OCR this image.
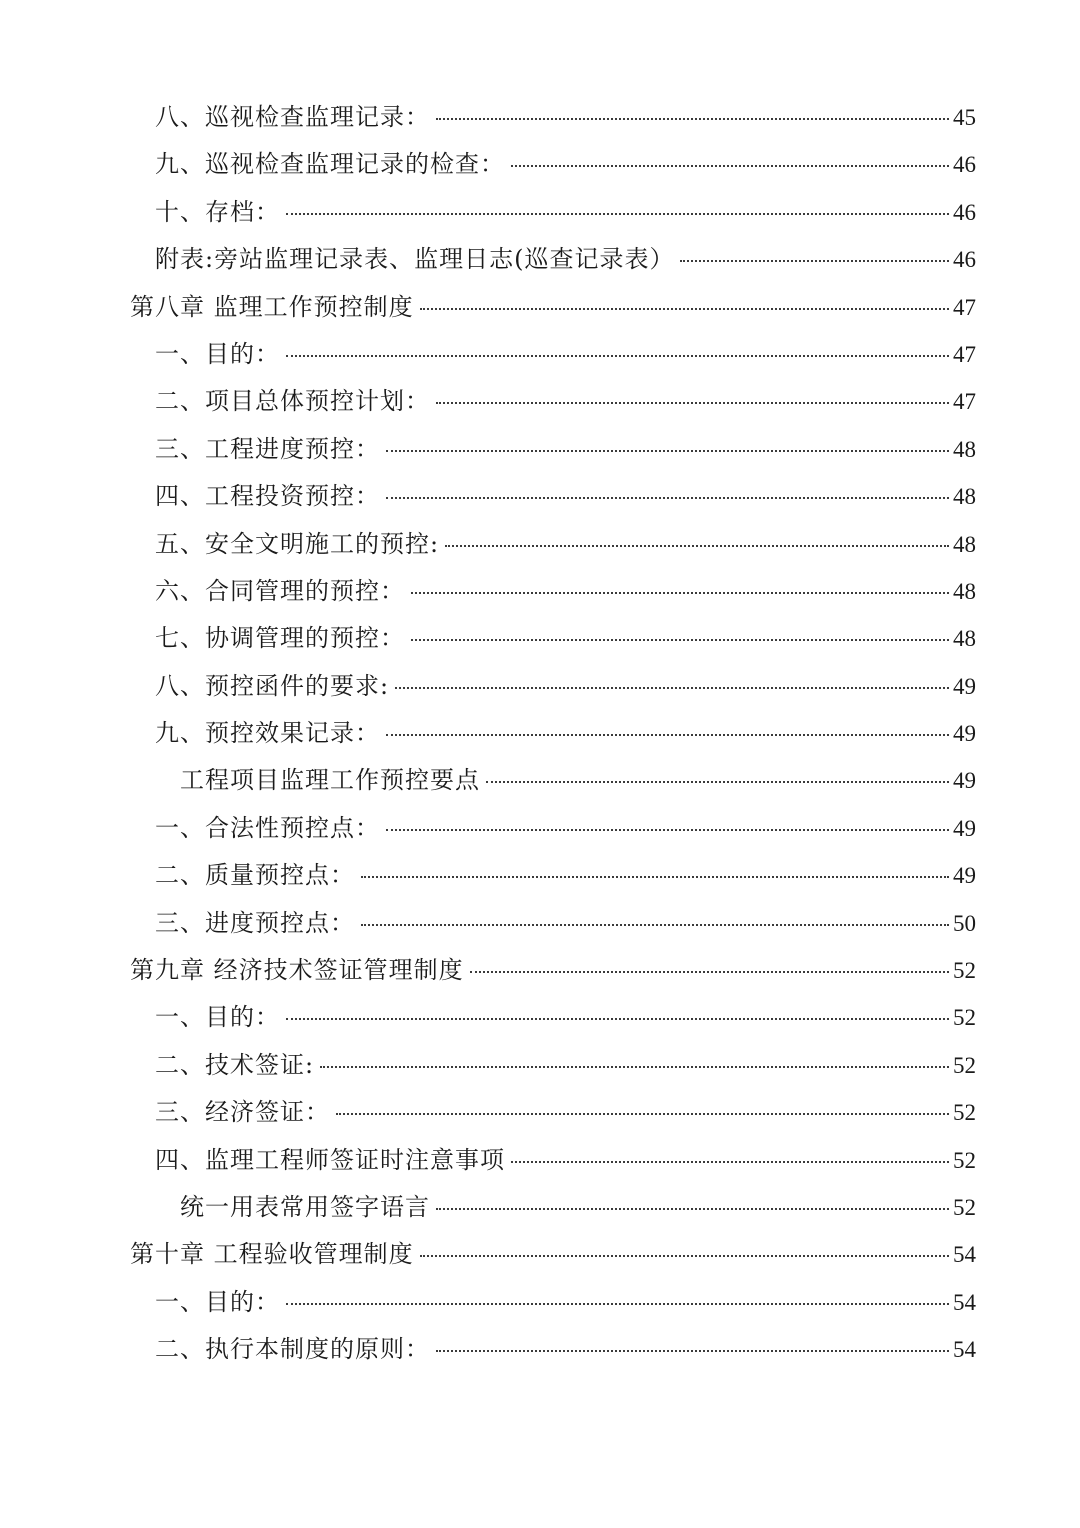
八、巡视检查监理记录：	45
九、巡视检查监理记录的检查：	46
十、存档：	46
附表:旁站监理记录表、监理日志(巡查记录表）	46
第八章 监理工作预控制度	47
一、目的：	47
二、项目总体预控计划：	47
三、工程进度预控：	48
四、工程投资预控：	48
五、安全文明施工的预控:	48
六、合同管理的预控：	48
七、协调管理的预控：	48
八、预控函件的要求:	49
九、预控效果记录：	49
工程项目监理工作预控要点	49
一、合法性预控点：	49
二、质量预控点：	49
三、进度预控点：	50
第九章 经济技术签证管理制度	52
一、目的：	52
二、技术签证:	52
三、经济签证：	52
四、监理工程师签证时注意事项	52
统一用表常用签字语言	52
第十章 工程验收管理制度	54
一、目的：	54
二、执行本制度的原则：	54
